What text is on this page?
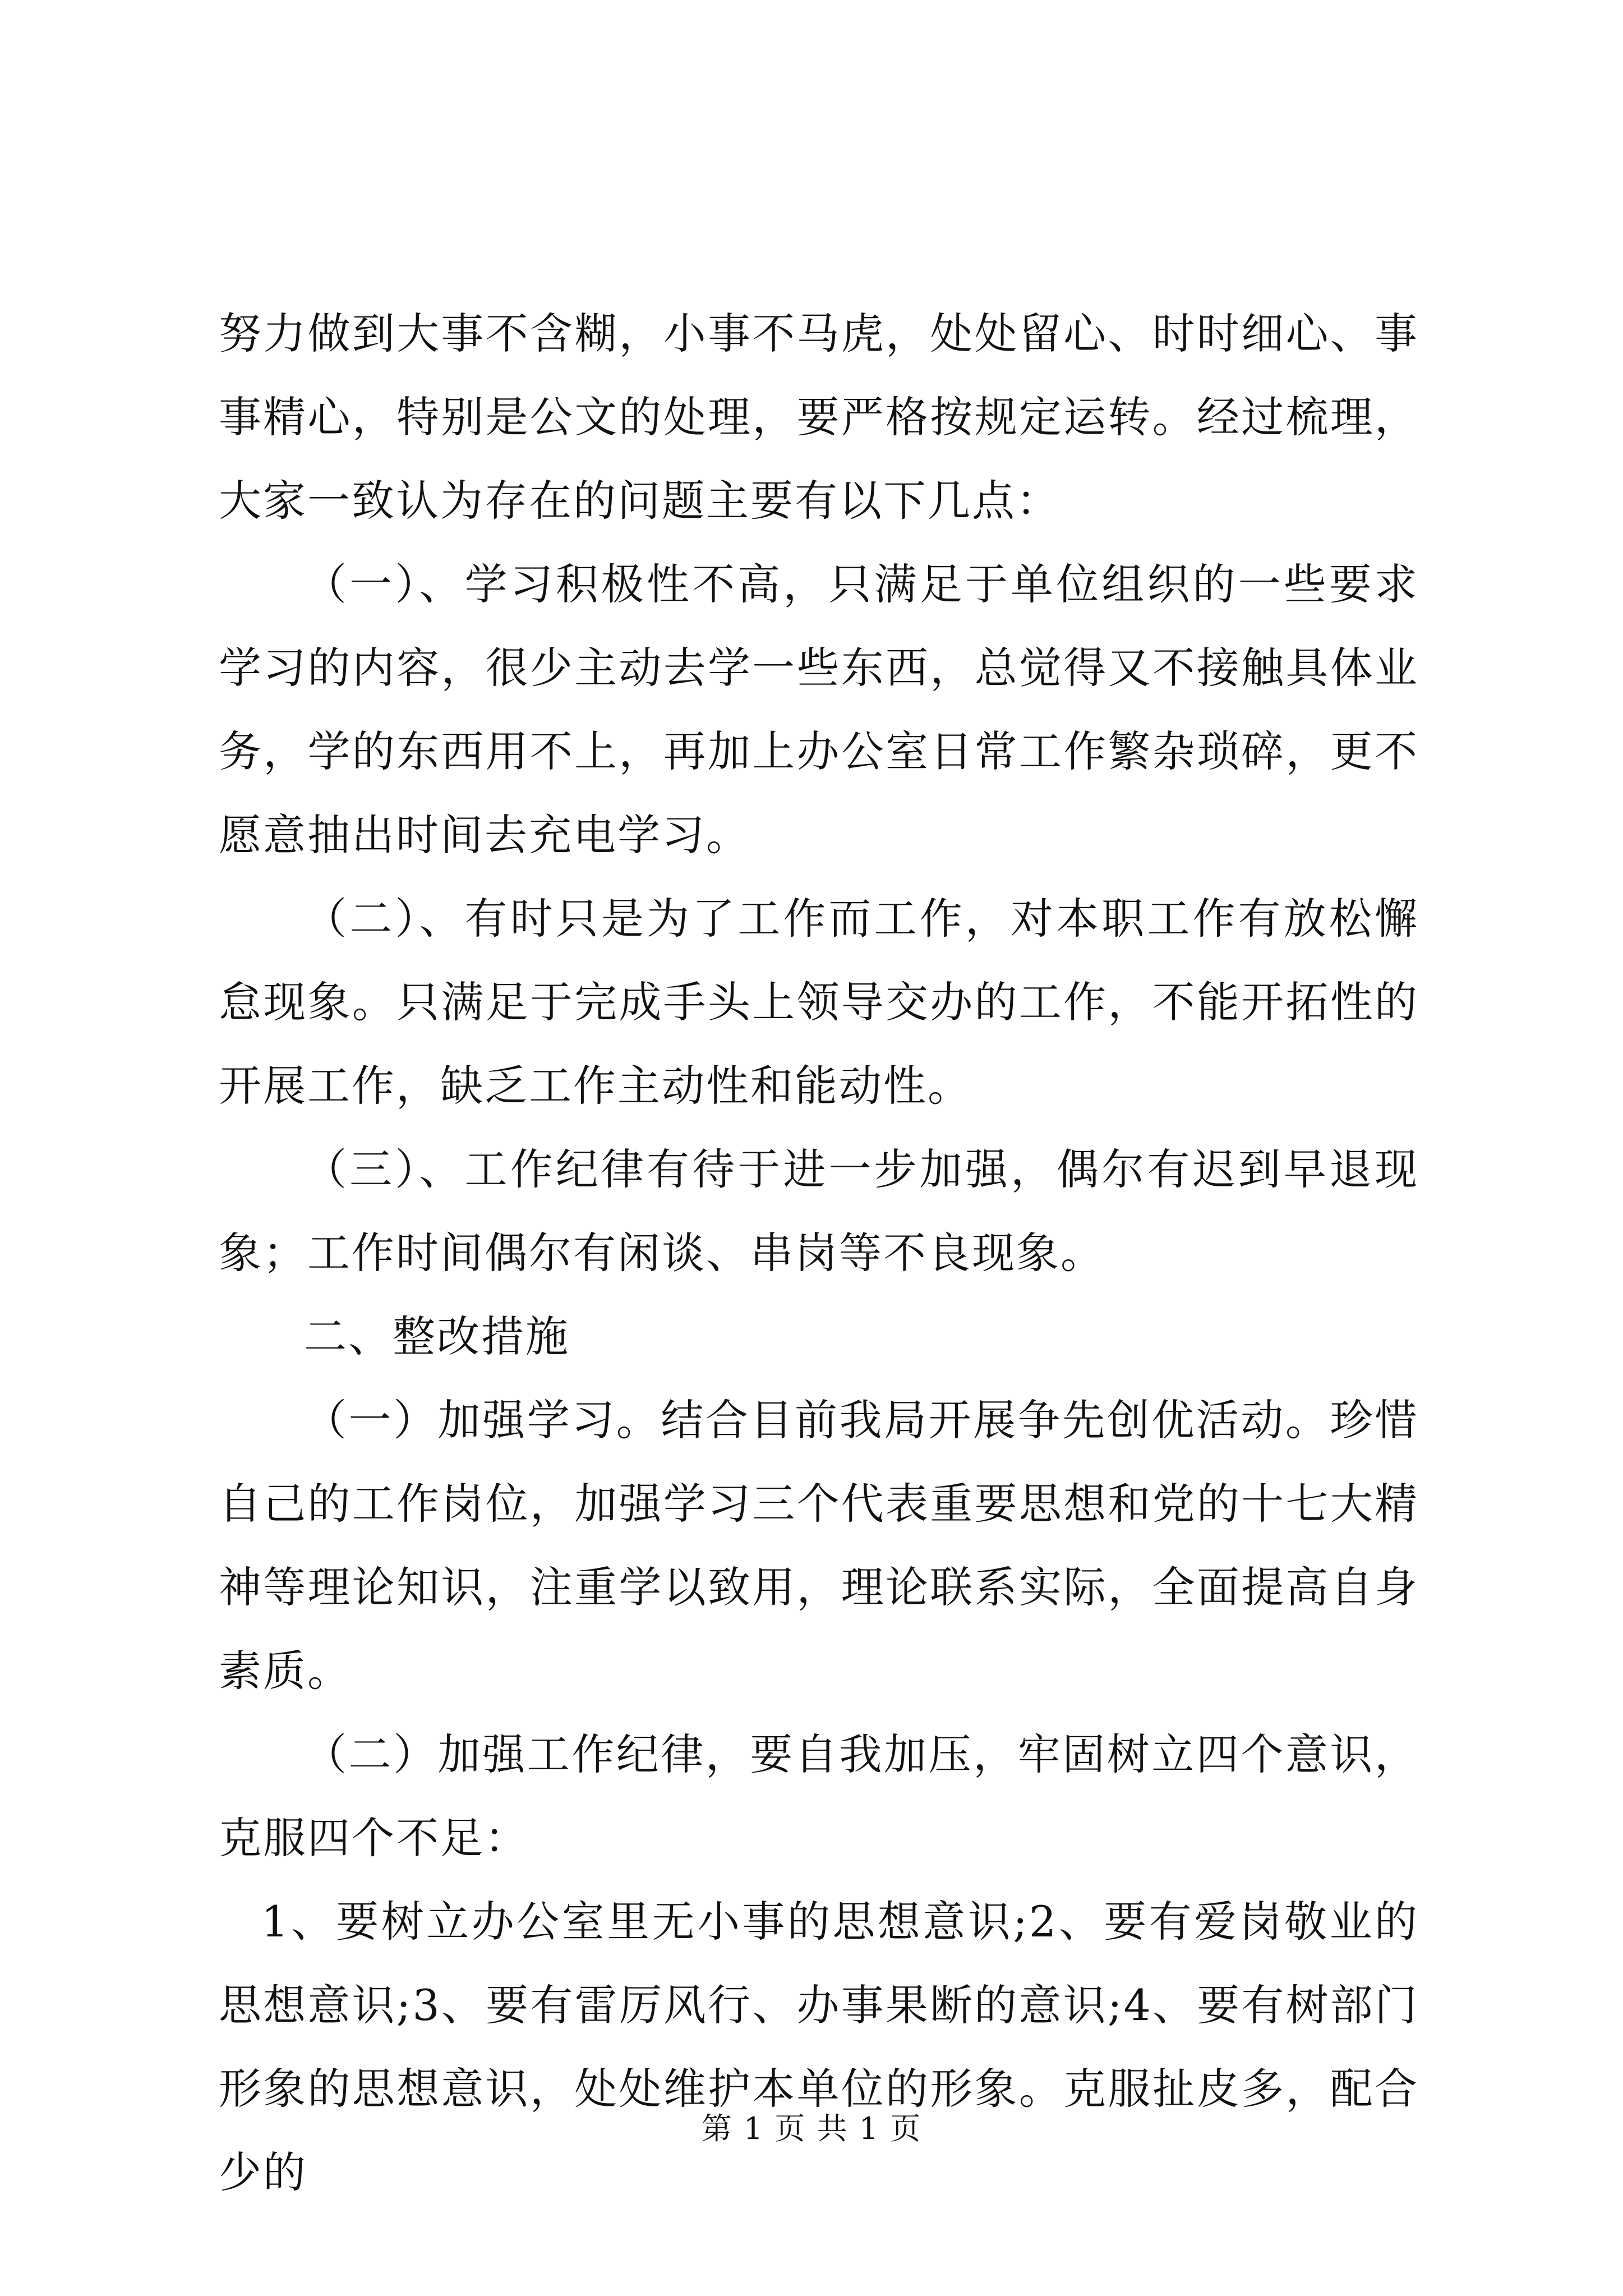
努力做到大事不含糊，小事不马虎，处处留心、时时细心、事事精心，特别是公文的处理，要严格按规定运转。经过梳理，大家一致认为存在的问题主要有以下几点：

（一）、学习积极性不高，只满足于单位组织的一些要求学习的内容，很少主动去学一些东西，总觉得又不接触具体业务，学的东西用不上，再加上办公室日常工作繁杂琐碎，更不愿意抽出时间去充电学习。

（二）、有时只是为了工作而工作，对本职工作有放松懈怠现象。只满足于完成手头上领导交办的工作，不能开拓性的开展工作，缺乏工作主动性和能动性。

（三）、工作纪律有待于进一步加强，偶尔有迟到早退现象；工作时间偶尔有闲谈、串岗等不良现象。

二、整改措施

（一）加强学习。结合目前我局开展争先创优活动。珍惜自己的工作岗位，加强学习三个代表重要思想和党的十七大精神等理论知识，注重学以致用，理论联系实际，全面提高自身素质。

（二）加强工作纪律，要自我加压，牢固树立四个意识，克服四个不足：

1、要树立办公室里无小事的思想意识;2、要有爱岗敬业的思想意识;3、要有雷厉风行、办事果断的意识;4、要有树部门形象的思想意识，处处维护本单位的形象。克服扯皮多，配合少的

第 1 页 共 1 页
